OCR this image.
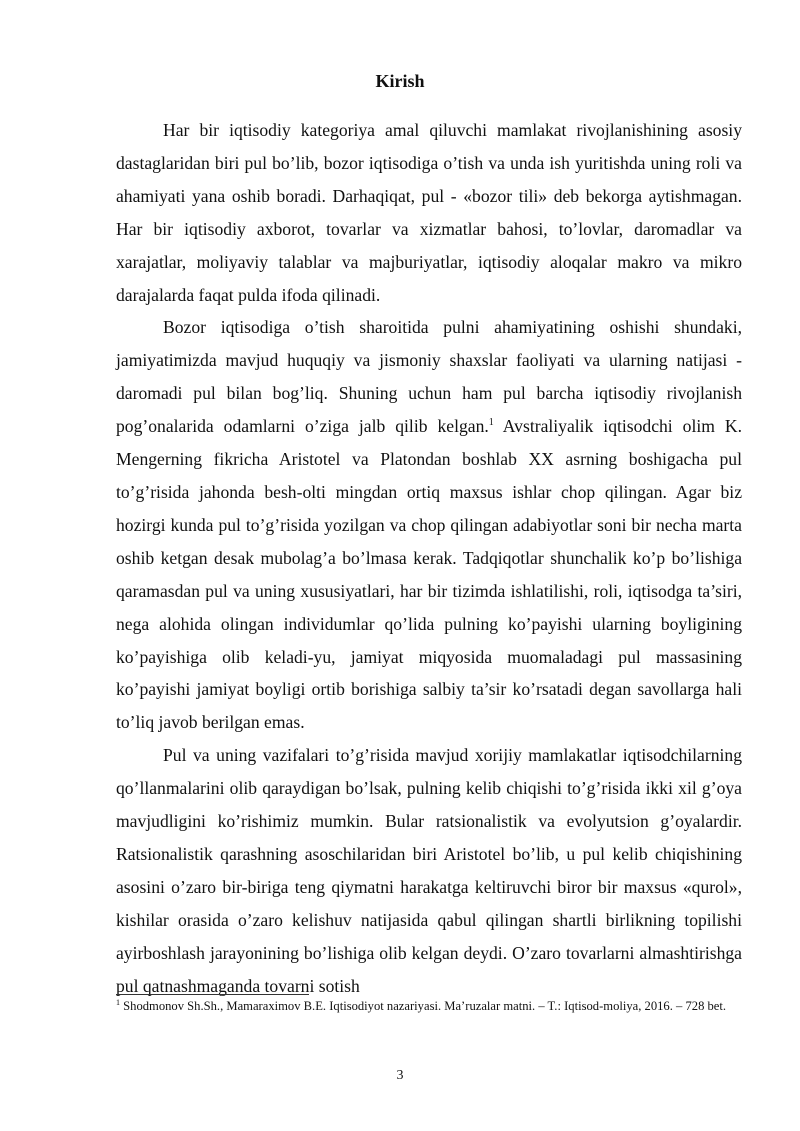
Kirish

Har bir iqtisodiy kategoriya amal qiluvchi mamlakat rivojlanishining asosiy dastaglaridan biri pul bo’lib, bozor iqtisodiga o’tish va unda ish yuritishda uning roli va ahamiyati yana oshib boradi. Darhaqiqat, pul - «bozor tili» deb bekorga aytishmagan. Har bir iqtisodiy axborot, tovarlar va xizmatlar bahosi, to’lovlar, daromadlar va xarajatlar, moliyaviy talablar va majburiyatlar, iqtisodiy aloqalar makro va mikro darajalarda faqat pulda ifoda qilinadi.

Bozor iqtisodiga o’tish sharoitida pulni ahamiyatining oshishi shundaki, jamiyatimizda mavjud huquqiy va jismoniy shaxslar faoliyati va ularning natijasi - daromadi pul bilan bog’liq. Shuning uchun ham pul barcha iqtisodiy rivojlanish pog’onalarida odamlarni o’ziga jalb qilib kelgan.$^1$ Avstraliyalik iqtisodchi olim K. Mengerning fikricha Aristotel va Platondan boshlab XX asrning boshigacha pul to’g’risida jahonda besh-olti mingdan ortiq maxsus ishlar chop qilingan. Agar biz hozirgi kunda pul to’g’risida yozilgan va chop qilingan adabiyotlar soni bir necha marta oshib ketgan desak mubolag’a bo’lmasa kerak. Tadqiqotlar shunchalik ko’p bo’lishiga qaramasdan pul va uning xususiyatlari, har bir tizimda ishlatilishi, roli, iqtisodga ta’siri, nega alohida olingan individumlar qo’lida pulning ko’payishi ularning boyligining ko’payishiga olib keladi-yu, jamiyat miqyosida muomaladagi pul massasining ko’payishi jamiyat boyligi ortib borishiga salbiy ta’sir ko’rsatadi degan savollarga hali to’liq javob berilgan emas.

Pul va uning vazifalari to’g’risida mavjud xorijiy mamlakatlar iqtisodchilarning qo’llanmalarini olib qaraydigan bo’lsak, pulning kelib chiqishi to’g’risida ikki xil g’oya mavjudligini ko’rishimiz mumkin. Bular ratsionalistik va evolyutsion g’oyalardir. Ratsionalistik qarashning asoschilaridan biri Aristotel bo’lib, u pul kelib chiqishining asosini o’zaro bir-biriga teng qiymatni harakatga keltiruvchi biror bir maxsus «qurol», kishilar orasida o’zaro kelishuv natijasida qabul qilingan shartli birlikning topilishi ayirboshlash jarayonining bo’lishiga olib kelgan deydi. O’zaro tovarlarni almashtirishga pul qatnashmaganda tovarni sotish

$^1$ Shodmonov Sh.Sh., Mamaraximov B.E. Iqtisodiyot nazariyasi. Ma’ruzalar matni. – T.: Iqtisod-moliya, 2016. – 728 bet.
3
